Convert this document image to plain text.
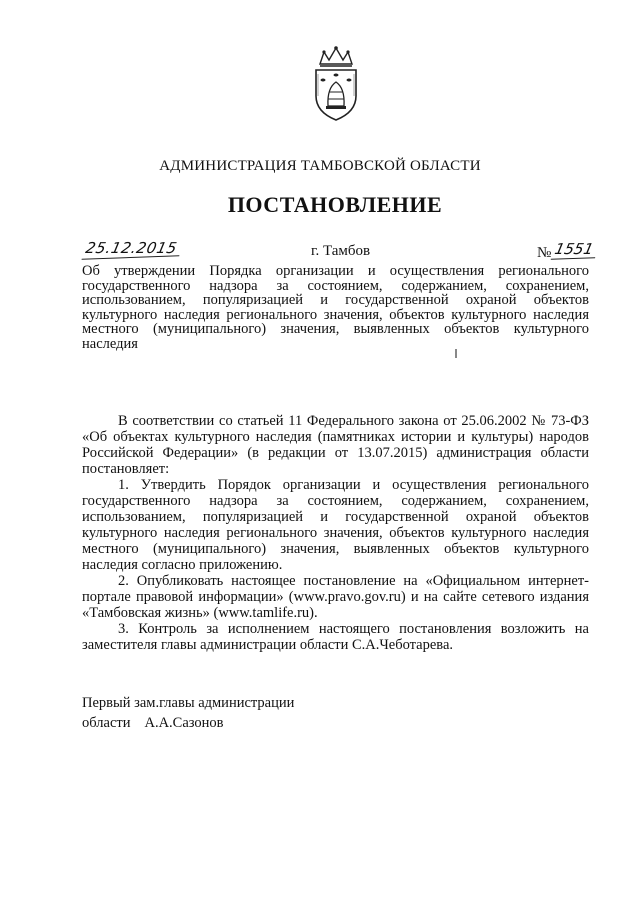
АДМИНИСТРАЦИЯ ТАМБОВСКОЙ ОБЛАСТИ
ПОСТАНОВЛЕНИЕ
25.12.2015	г. Тамбов	№ 1551
Об утверждении Порядка организации и осуществления регионального государственного надзора за состоянием, содержанием, сохранением, использованием, популяризацией и государственной охраной объектов культурного наследия регионального значения, объектов культурного наследия местного (муниципального) значения, выявленных объектов культурного наследия

В соответствии со статьей 11 Федерального закона от 25.06.2002 № 73-ФЗ «Об объектах культурного наследия (памятниках истории и культуры) народов Российской Федерации» (в редакции от 13.07.2015) администрация области постановляет:

1. Утвердить Порядок организации и осуществления регионального государственного надзора за состоянием, содержанием, сохранением, использованием, популяризацией и государственной охраной объектов культурного наследия регионального значения, объектов культурного наследия местного (муниципального) значения, выявленных объектов культурного наследия согласно приложению.

2. Опубликовать настоящее постановление на «Официальном интернет-портале правовой информации» (www.pravo.gov.ru) и на сайте сетевого издания «Тамбовская жизнь» (www.tamlife.ru).

3. Контроль за исполнением настоящего постановления возложить на заместителя главы администрации области С.А.Чеботарева.

Первый зам.главы администрации
области А.А.Сазонов
